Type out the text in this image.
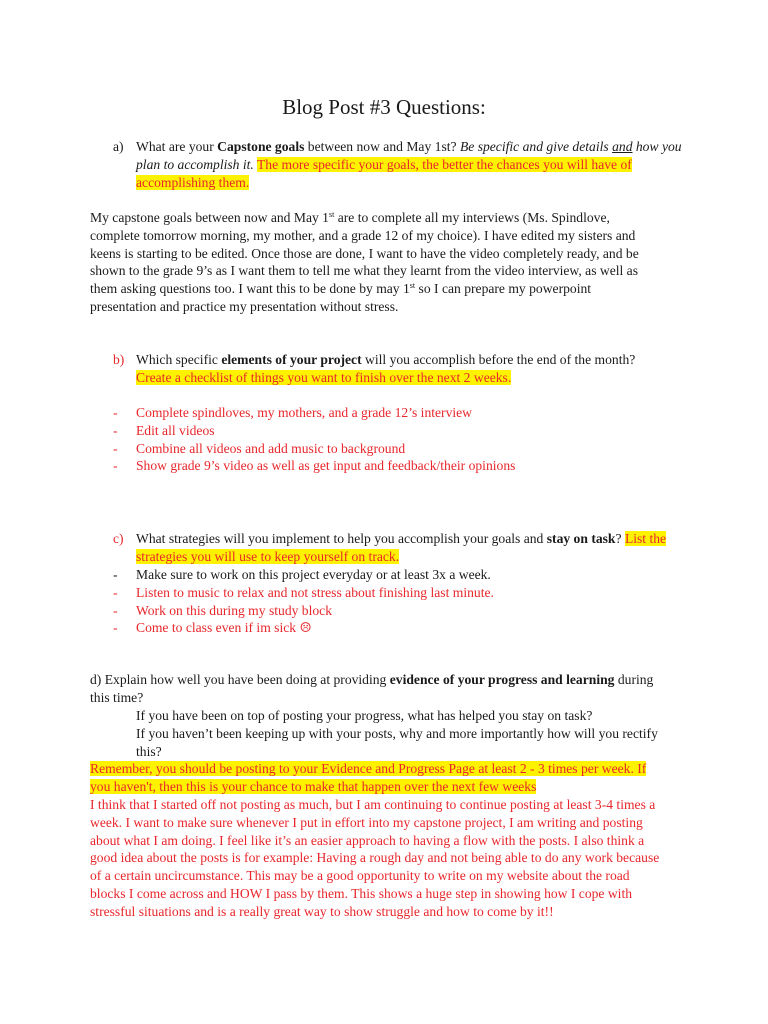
Blog Post #3 Questions:
a) What are your Capstone goals between now and May 1st? Be specific and give details and how you plan to accomplish it. The more specific your goals, the better the chances you will have of accomplishing them.
My capstone goals between now and May 1st are to complete all my interviews (Ms. Spindlove, complete tomorrow morning, my mother, and a grade 12 of my choice). I have edited my sisters and keens is starting to be edited. Once those are done, I want to have the video completely ready, and be shown to the grade 9’s as I want them to tell me what they learnt from the video interview, as well as them asking questions too. I want this to be done by may 1st so I can prepare my powerpoint presentation and practice my presentation without stress.
b) Which specific elements of your project will you accomplish before the end of the month?
Create a checklist of things you want to finish over the next 2 weeks.
- Complete spindloves, my mothers, and a grade 12’s interview
- Edit all videos
- Combine all videos and add music to background
- Show grade 9’s video as well as get input and feedback/their opinions
c) What strategies will you implement to help you accomplish your goals and stay on task? List the strategies you will use to keep yourself on track.
- Make sure to work on this project everyday or at least 3x a week.
- Listen to music to relax and not stress about finishing last minute.
- Work on this during my study block
- Come to class even if im sick ☹
d) Explain how well you have been doing at providing evidence of your progress and learning during this time?
If you have been on top of posting your progress, what has helped you stay on task?
If you haven’t been keeping up with your posts, why and more importantly how will you rectify this?
Remember, you should be posting to your Evidence and Progress Page at least 2 - 3 times per week. If you haven't, then this is your chance to make that happen over the next few weeks
I think that I started off not posting as much, but I am continuing to continue posting at least 3-4 times a week. I want to make sure whenever I put in effort into my capstone project, I am writing and posting about what I am doing. I feel like it’s an easier approach to having a flow with the posts. I also think a good idea about the posts is for example: Having a rough day and not being able to do any work because of a certain uncircumstance. This may be a good opportunity to write on my website about the road blocks I come across and HOW I pass by them. This shows a huge step in showing how I cope with stressful situations and is a really great way to show struggle and how to come by it!!
